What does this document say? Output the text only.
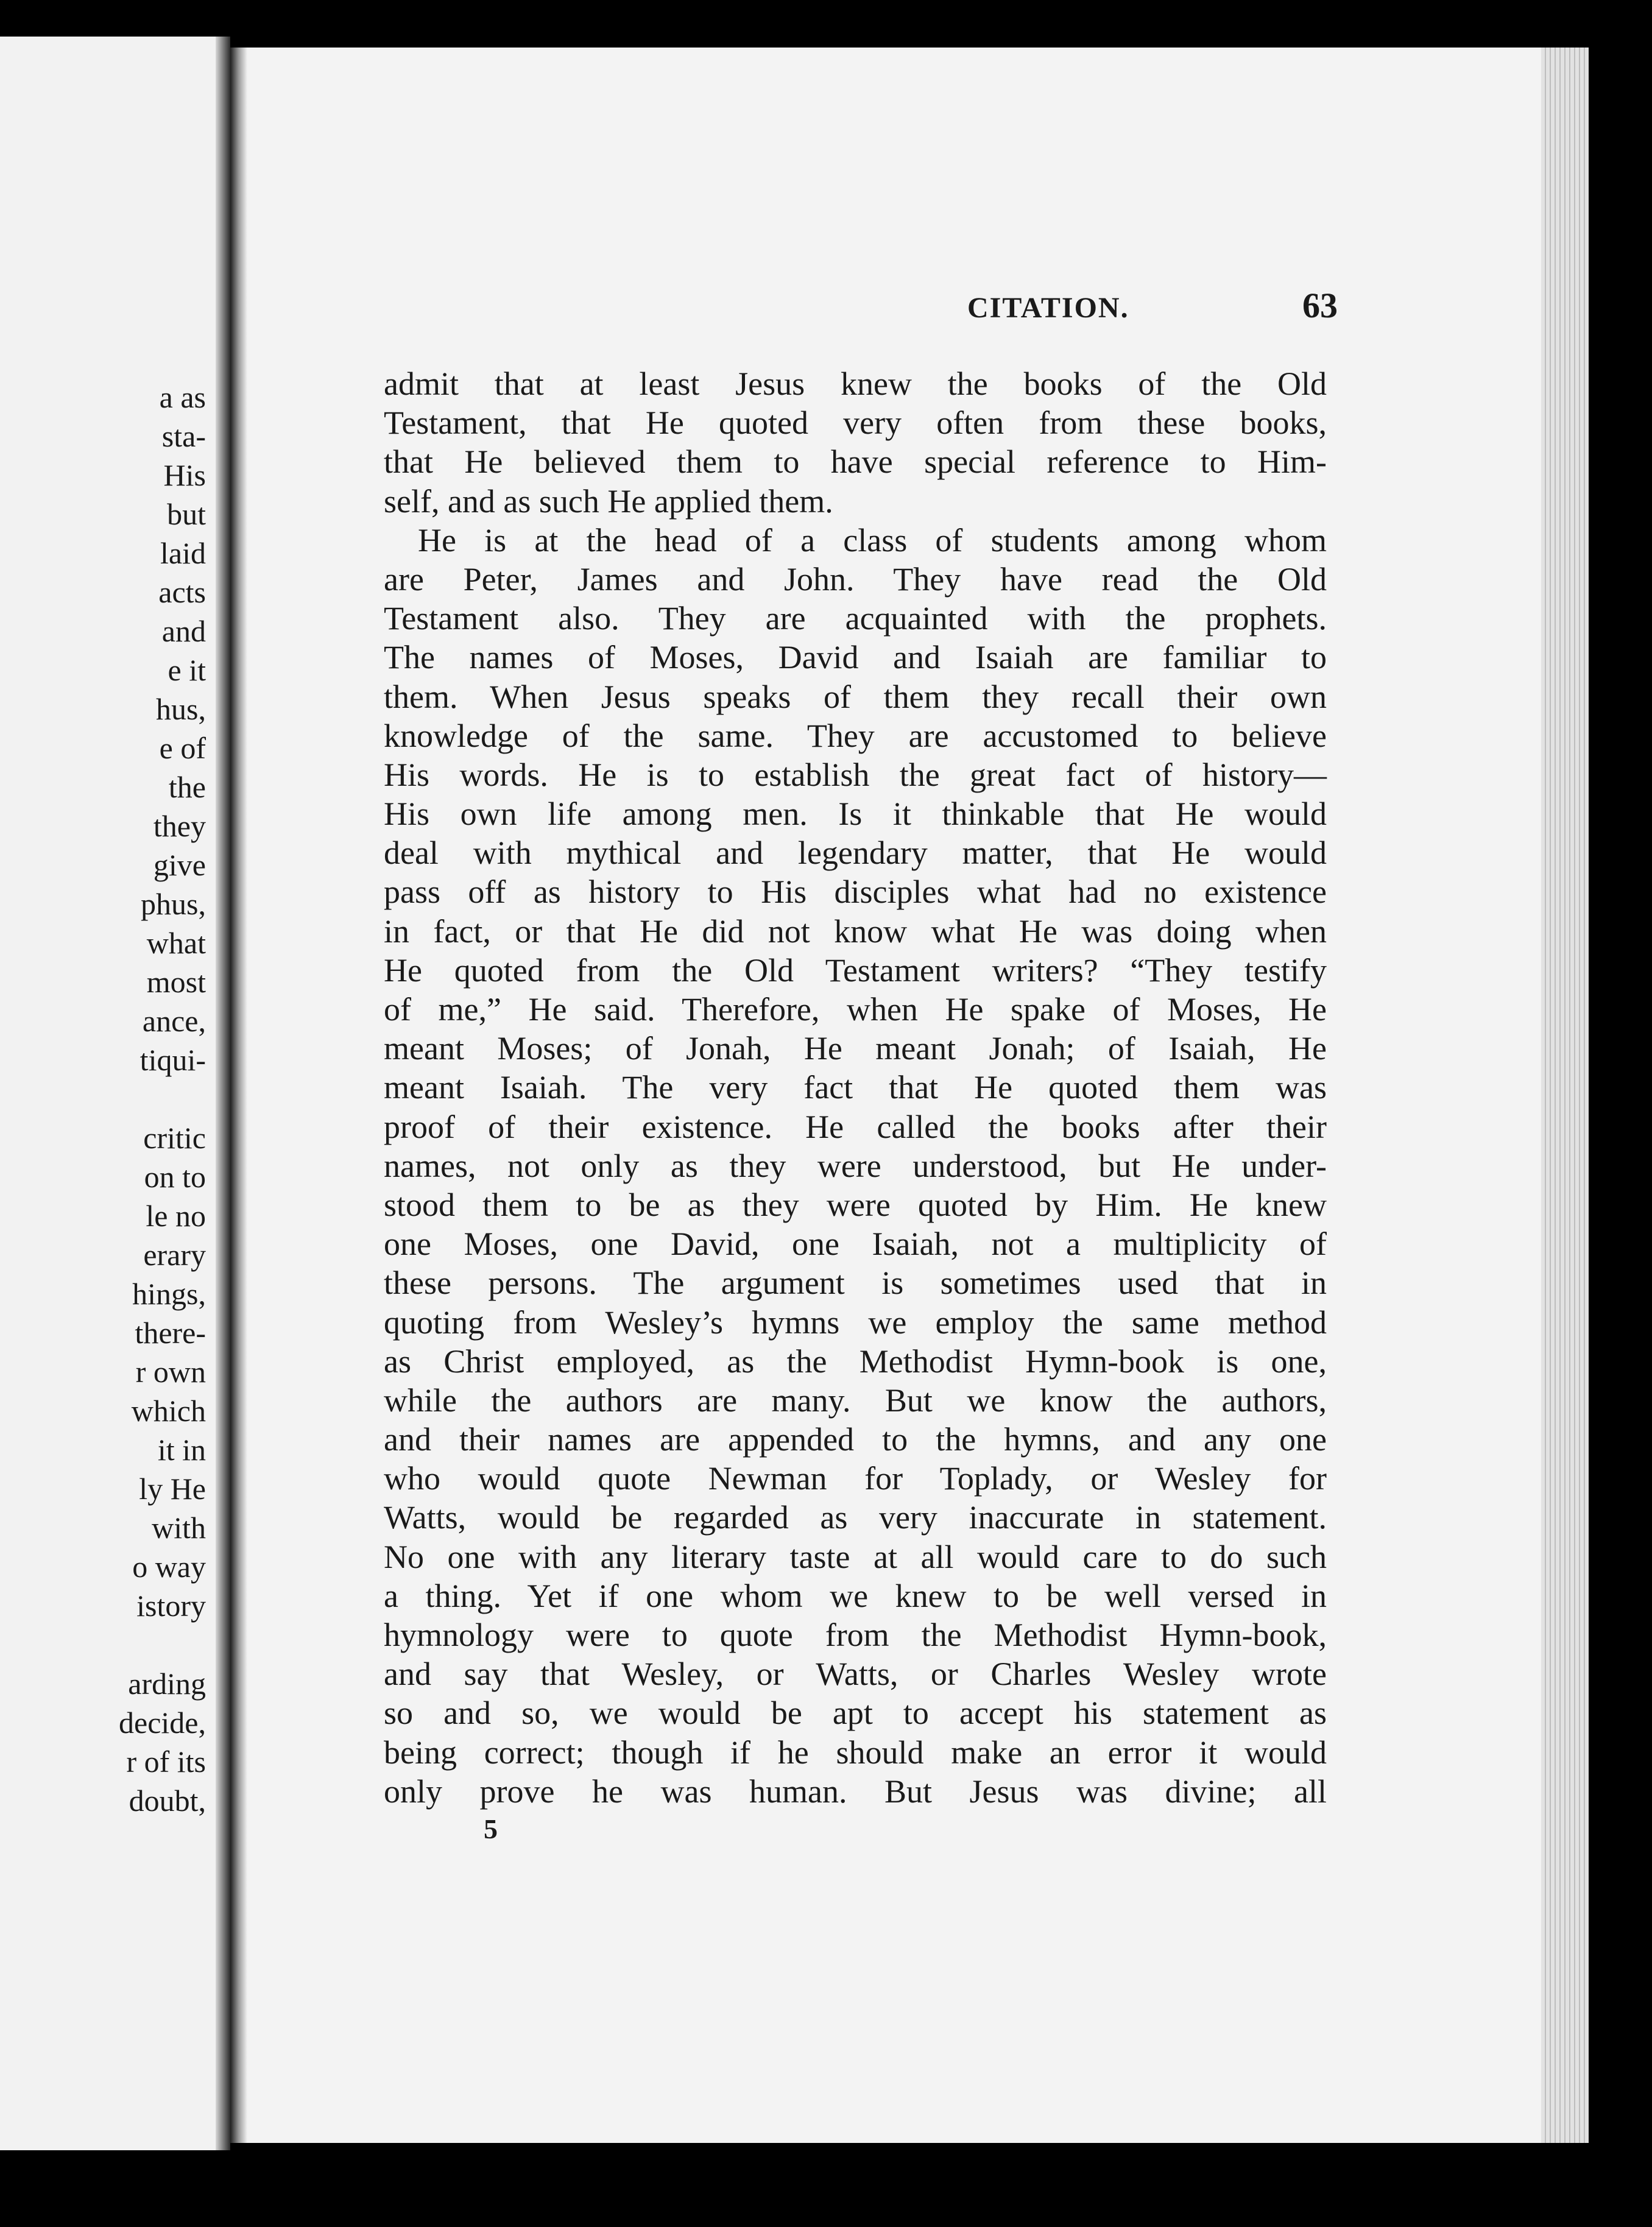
a as
sta-
His
but
laid
acts
and
e it
hus,
e of
the
they
give
phus,
what
most
ance,
tiqui-
critic
on to
le no
erary
hings,
there-
r own
which
it in
ly He
with
o way
istory
arding
decide,
r of its
doubt,
CITATION.	63
admit that at least Jesus knew the books of the Old
Testament, that He quoted very often from these books,
that He believed them to have special reference to Him-
self, and as such He applied them.
He is at the head of a class of students among whom
are Peter, James and John. They have read the Old
Testament also. They are acquainted with the prophets.
The names of Moses, David and Isaiah are familiar to
them. When Jesus speaks of them they recall their own
knowledge of the same. They are accustomed to believe
His words. He is to establish the great fact of history—
His own life among men. Is it thinkable that He would
deal with mythical and legendary matter, that He would
pass off as history to His disciples what had no existence
in fact, or that He did not know what He was doing when
He quoted from the Old Testament writers? “They testify
of me,” He said. Therefore, when He spake of Moses, He
meant Moses; of Jonah, He meant Jonah; of Isaiah, He
meant Isaiah. The very fact that He quoted them was
proof of their existence. He called the books after their
names, not only as they were understood, but He under-
stood them to be as they were quoted by Him. He knew
one Moses, one David, one Isaiah, not a multiplicity of
these persons. The argument is sometimes used that in
quoting from Wesley’s hymns we employ the same method
as Christ employed, as the Methodist Hymn-book is one,
while the authors are many. But we know the authors,
and their names are appended to the hymns, and any one
who would quote Newman for Toplady, or Wesley for
Watts, would be regarded as very inaccurate in statement.
No one with any literary taste at all would care to do such
a thing. Yet if one whom we knew to be well versed in
hymnology were to quote from the Methodist Hymn-book,
and say that Wesley, or Watts, or Charles Wesley wrote
so and so, we would be apt to accept his statement as
being correct; though if he should make an error it would
only prove he was human. But Jesus was divine; all
5
